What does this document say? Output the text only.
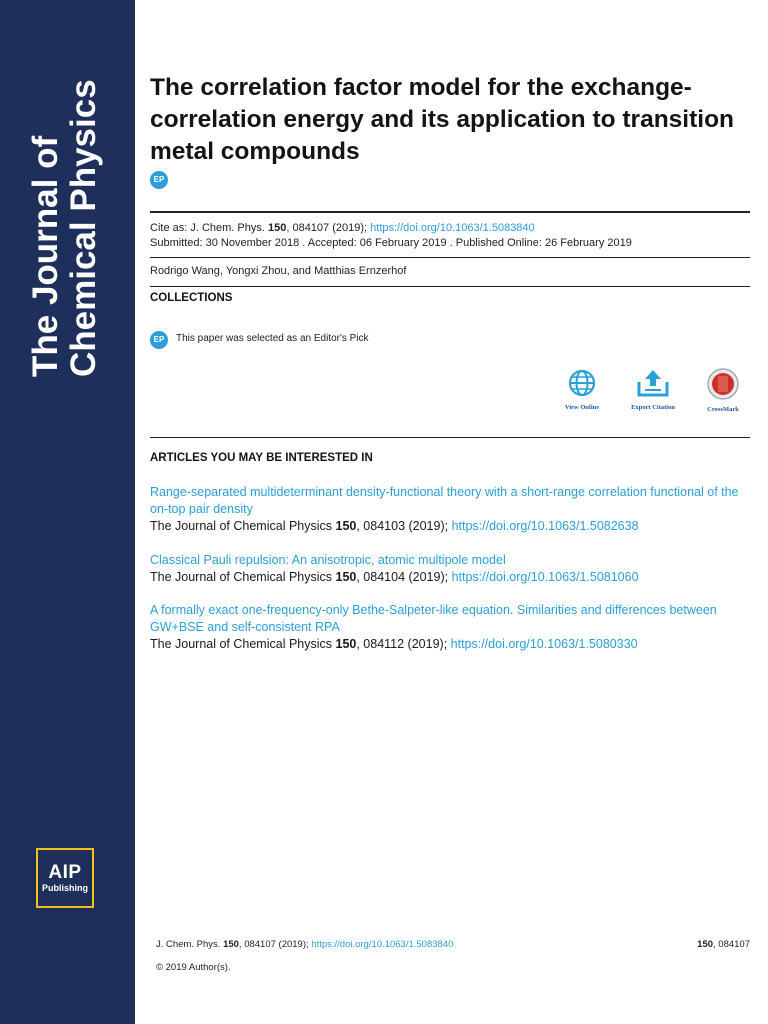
The Journal of Chemical Physics
AIP
Publishing
The correlation factor model for the exchange-correlation energy and its application to transition metal compounds
EP
Cite as: J. Chem. Phys. 150, 084107 (2019); https://doi.org/10.1063/1.5083840
Submitted: 30 November 2018 . Accepted: 06 February 2019 . Published Online: 26 February 2019
Rodrigo Wang, Yongxi Zhou, and Matthias Ernzerhof
COLLECTIONS
EP	This paper was selected as an Editor's Pick
View Online	Export Citation	CrossMark
ARTICLES YOU MAY BE INTERESTED IN
Range-separated multideterminant density-functional theory with a short-range correlation functional of the on-top pair density
The Journal of Chemical Physics 150, 084103 (2019); https://doi.org/10.1063/1.5082638
Classical Pauli repulsion: An anisotropic, atomic multipole model
The Journal of Chemical Physics 150, 084104 (2019); https://doi.org/10.1063/1.5081060
A formally exact one-frequency-only Bethe-Salpeter-like equation. Similarities and differences between GW+BSE and self-consistent RPA
The Journal of Chemical Physics 150, 084112 (2019); https://doi.org/10.1063/1.5080330
J. Chem. Phys. 150, 084107 (2019); https://doi.org/10.1063/1.5083840	150, 084107
© 2019 Author(s).
